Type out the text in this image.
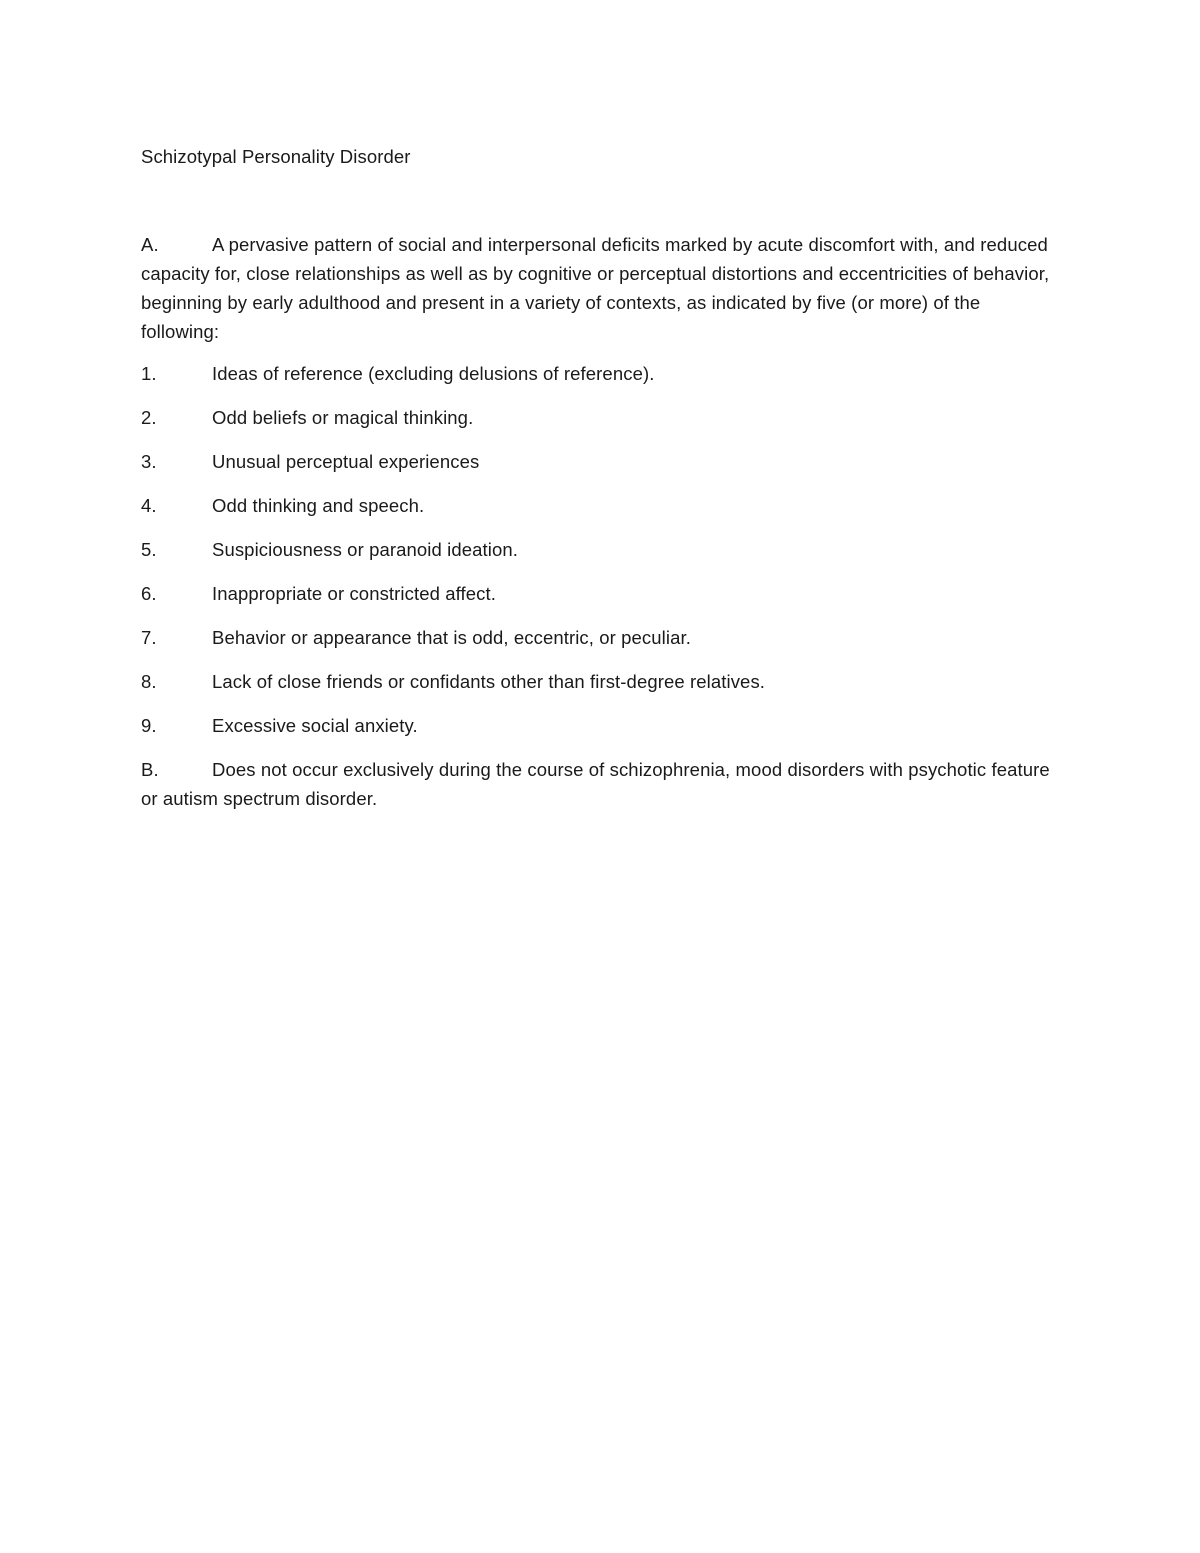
Schizotypal Personality Disorder

A.	A pervasive pattern of social and interpersonal deficits marked by acute discomfort with, and reduced capacity for, close relationships as well as by cognitive or perceptual distortions and eccentricities of behavior, beginning by early adulthood and present in a variety of contexts, as indicated by five (or more) of the following:

1.	Ideas of reference (excluding delusions of reference).

2.	Odd beliefs or magical thinking.

3.	Unusual perceptual experiences

4.	Odd thinking and speech.

5.	Suspiciousness or paranoid ideation.

6.	Inappropriate or constricted affect.

7.	Behavior or appearance that is odd, eccentric, or peculiar.

8.	Lack of close friends or confidants other than first-degree relatives.

9.	Excessive social anxiety.

B.	Does not occur exclusively during the course of schizophrenia, mood disorders with psychotic feature or autism spectrum disorder.
